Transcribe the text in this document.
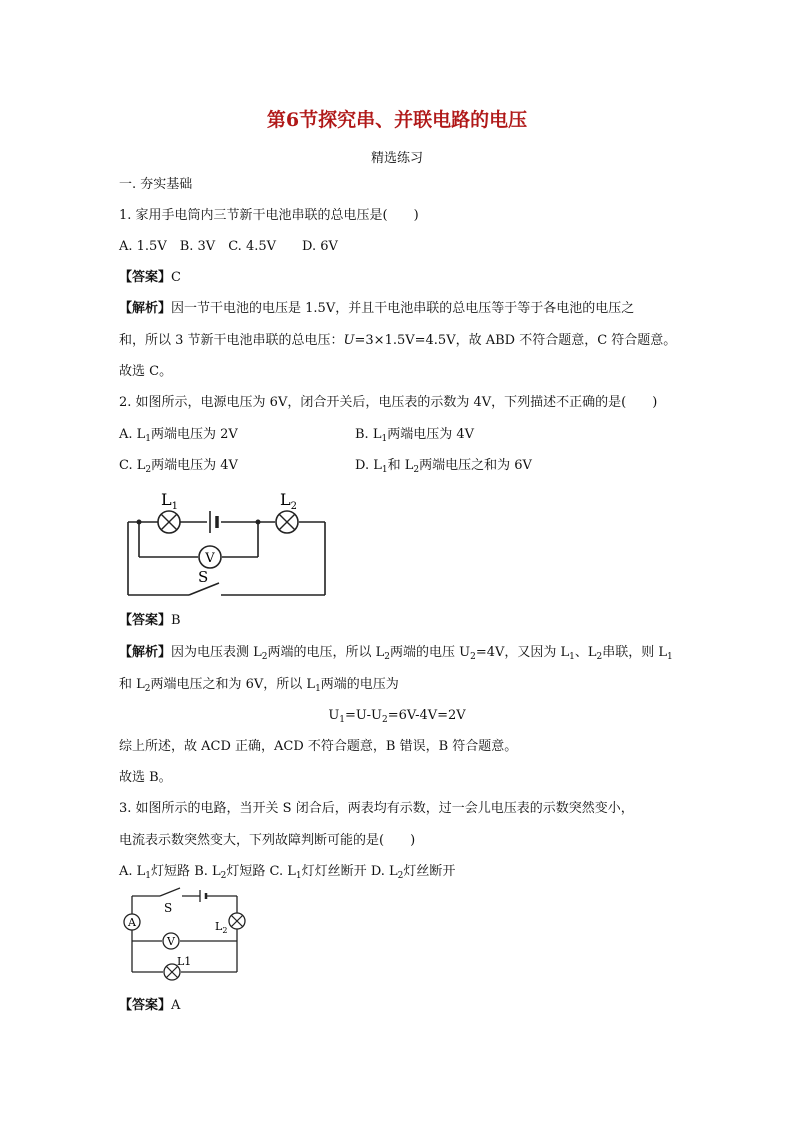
第6节探究串、并联电路的电压
精选练习
一. 夯实基础
1. 家用手电筒内三节新干电池串联的总电压是(　　)
A. 1.5V　B. 3V　C. 4.5V　　D. 6V
【答案】C
【解析】因一节干电池的电压是 1.5V，并且干电池串联的总电压等于等于各电池的电压之
和，所以 3 节新干电池串联的总电压：U=3×1.5V=4.5V，故 ABD 不符合题意，C 符合题意。
故选 C。
2. 如图所示，电源电压为 6V，闭合开关后，电压表的示数为 4V，下列描述不正确的是(　　)
A. $L_1$两端电压为 2V	B. $L_1$两端电压为 4V
C. $L_2$两端电压为 4V	D. $L_1$和 $L_2$两端电压之和为 6V
$L_1$	$L_2$
V
S
【答案】B
【解析】因为电压表测 $L_2$两端的电压，所以 $L_2$两端的电压 $U_2=4V$，又因为 $L_1$、$L_2$串联，则 $L_1$
和 $L_2$两端电压之和为 6V，所以 $L_1$两端的电压为
$U_1=U-U_2=6V-4V=2V$
综上所述，故 ACD 正确，ACD 不符合题意，B 错误，B 符合题意。
故选 B。
3. 如图所示的电路，当开关 S 闭合后，两表均有示数，过一会儿电压表的示数突然变小，
电流表示数突然变大，下列故障判断可能的是(　　)
A. $L_1$灯短路 B. $L_2$灯短路 C. $L_1$灯灯丝断开 D. $L_2$灯丝断开
S
A	$L_2$
V
L1
【答案】A
